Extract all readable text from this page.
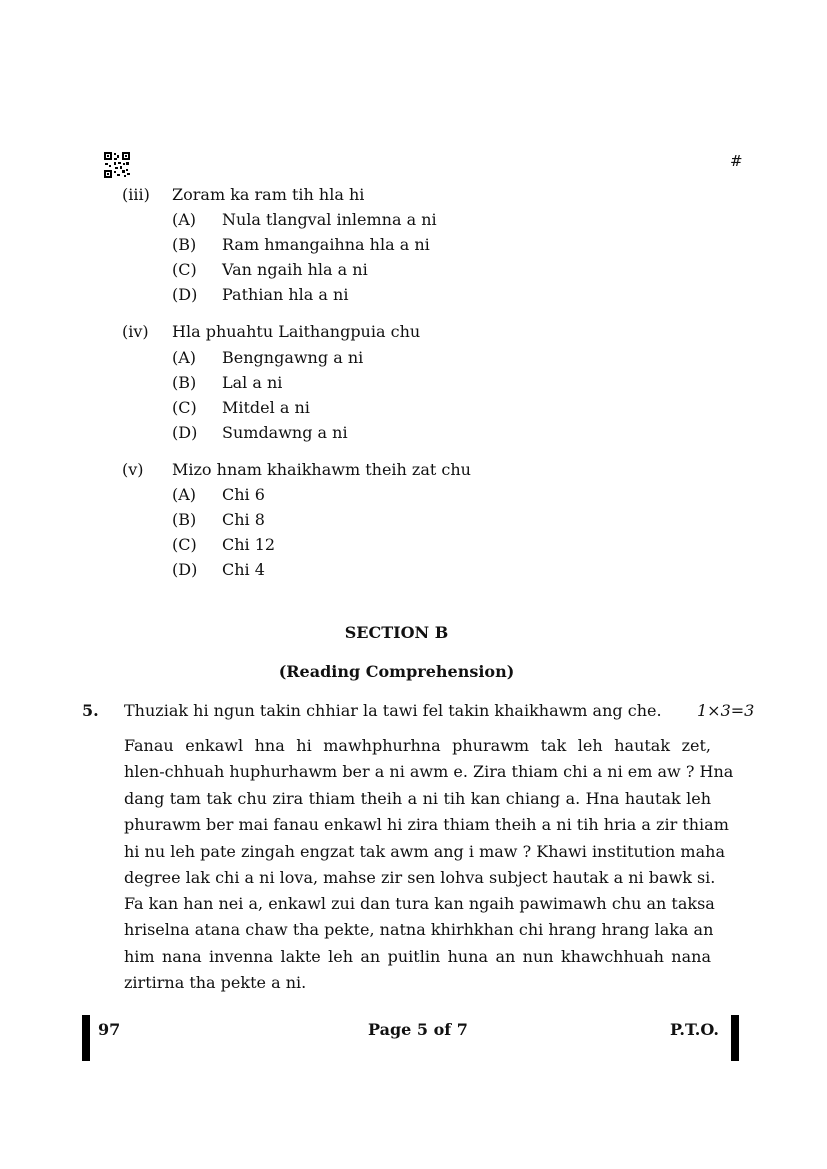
#
(iii) Zoram ka ram tih hla hi
(A) Nula tlangval inlemna a ni
(B) Ram hmangaihna hla a ni
(C) Van ngaih hla a ni
(D) Pathian hla a ni
(iv) Hla phuahtu Laithangpuia chu
(A) Bengngawng a ni
(B) Lal a ni
(C) Mitdel a ni
(D) Sumdawng a ni
(v) Mizo hnam khaikhawm theih zat chu
(A) Chi 6
(B) Chi 8
(C) Chi 12
(D) Chi 4
SECTION B
(Reading Comprehension)
5. Thuziak hi ngun takin chhiar la tawi fel takin khaikhawm ang che. 1×3=3
Fanau enkawl hna hi mawhphurhna phurawm tak leh hautak zet,
hlen-chhuah huphurhawm ber a ni awm e. Zira thiam chi a ni em aw ? Hna
dang tam tak chu zira thiam theih a ni tih kan chiang a. Hna hautak leh
phurawm ber mai fanau enkawl hi zira thiam theih a ni tih hria a zir thiam
hi nu leh pate zingah engzat tak awm ang i maw ? Khawi institution maha
degree lak chi a ni lova, mahse zir sen lohva subject hautak a ni bawk si.
Fa kan han nei a, enkawl zui dan tura kan ngaih pawimawh chu an taksa
hriselna atana chaw tha pekte, natna khirhkhan chi hrang hrang laka an
him nana invenna lakte leh an puitlin huna an nun khawchhuah nana
zirtirna tha pekte a ni.
97	Page 5 of 7	P.T.O.
